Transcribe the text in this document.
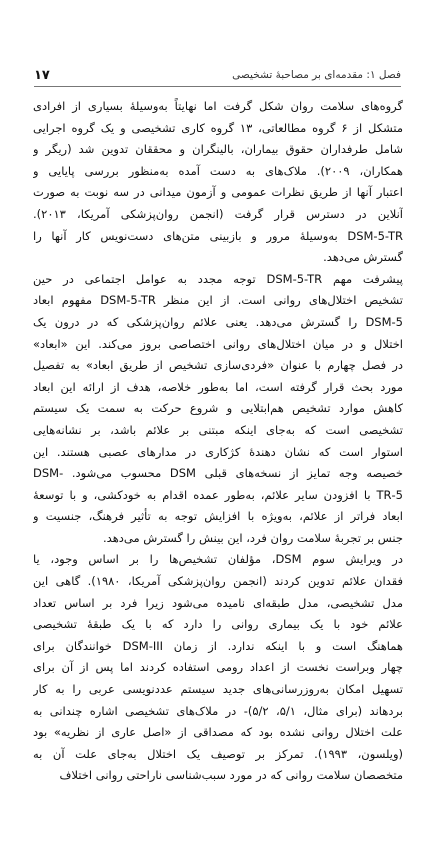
۱۷	فصل ۱: مقدمه‌ای بر مصاحبهٔ تشخیصی
گروه‌های سلامت روان شکل گرفت اما نهایتاً به‌وسیلهٔ بسیاری از افرادی
متشکل از ۶ گروه مطالعاتی، ۱۳ گروه کاری تشخیصی و یک گروه اجرایی
شامل طرفداران حقوق بیماران، بالینگران و محققان تدوین شد (ریگر و
همکاران، ۲۰۰۹). ملاک‌های به دست آمده به‌منظور بررسی پایایی و
اعتبار آنها از طریق نظرات عمومی و آزمون میدانی در سه نوبت به صورت
آنلاین در دسترس قرار گرفت (انجمن روان‌پزشکی آمریکا، ۲۰۱۳).
DSM-5-TR به‌وسیلهٔ مرور و بازبینی متن‌های دست‌نویس کار آنها را
گسترش می‌دهد.
پیشرفت مهم DSM-5-TR توجه مجدد به عوامل اجتماعی در حین
تشخیص اختلال‌های روانی است. از این منظر DSM-5-TR مفهوم ابعاد
DSM-5 را گسترش می‌دهد. یعنی علائم روان‌پزشکی که در درون یک
اختلال و در میان اختلال‌های روانی اختصاصی بروز می‌کند. این «ابعاد»
در فصل چهارم با عنوان «فردی‌سازی تشخیص از طریق ابعاد» به تفصیل
مورد بحث قرار گرفته است، اما به‌طور خلاصه، هدف از ارائه این ابعاد
کاهش موارد تشخیص هم‌ابتلایی و شروع حرکت به سمت یک سیستم
تشخیصی است که به‌جای اینکه مبتنی بر علائم باشد، بر نشانه‌هایی
استوار است که نشان دهندهٔ کژکاری در مدارهای عصبی هستند. این
خصیصه وجه تمایز از نسخه‌های قبلی DSM محسوب می‌شود. -DSM
5-TR با افزودن سایر علائم، به‌طور عمده اقدام به خودکشی، و با توسعهٔ
ابعاد فراتر از علائم، به‌ویژه با افزایش توجه به تأثیر فرهنگ، جنسیت و
جنس بر تجربهٔ سلامت روان فرد، این بینش را گسترش می‌دهد.
در ویرایش سوم DSM، مؤلفان تشخیص‌ها را بر اساس وجود، یا
فقدان علائم تدوین کردند (انجمن روان‌پزشکی آمریکا، ۱۹۸۰). گاهی این
مدل تشخیصی، مدل طبقه‌ای نامیده می‌شود زیرا فرد بر اساس تعداد
علائم خود با یک بیماری روانی را دارد که با یک طبقهٔ تشخیصی
هماهنگ است و با اینکه ندارد. از زمان DSM-III خوانندگان برای
چهار وبراست نخست از اعداد رومی استفاده کردند اما پس از آن برای
تسهیل امکان به‌روزرسانی‌های جدید سیستم عددنویسی عربی را به کار
بردهاند (برای مثال، ۵/۱، ۵/۲)- در ملاک‌های تشخیصی اشاره چندانی به
علت اختلال روانی نشده بود که مصداقی از «اصل عاری از نظریه» بود
(ویلسون، ۱۹۹۳). تمرکز بر توصیف یک اختلال به‌جای علت آن به
متخصصان سلامت روانی که در مورد سبب‌شناسی ناراحتی روانی اختلاف
